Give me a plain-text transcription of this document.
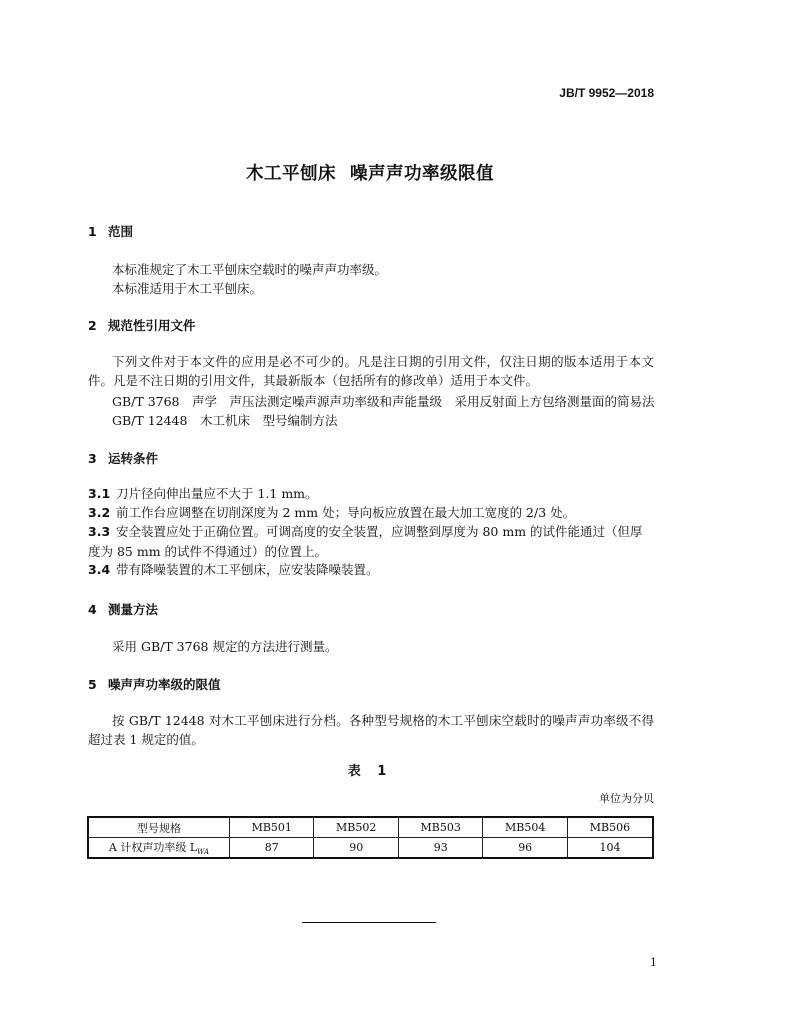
JB/T 9952—2018
木工平刨床 噪声声功率级限值
1 范围
本标准规定了木工平刨床空载时的噪声声功率级。
本标准适用于木工平刨床。
2 规范性引用文件
下列文件对于本文件的应用是必不可少的。凡是注日期的引用文件，仅注日期的版本适用于本文件。凡是不注日期的引用文件，其最新版本（包括所有的修改单）适用于本文件。
GB/T 3768　声学　声压法测定噪声源声功率级和声能量级　采用反射面上方包络测量面的简易法
GB/T 12448　木工机床　型号编制方法
3 运转条件
3.1 刀片径向伸出量应不大于 1.1 mm。
3.2 前工作台应调整在切削深度为 2 mm 处；导向板应放置在最大加工宽度的 2/3 处。
3.3 安全装置应处于正确位置。可调高度的安全装置，应调整到厚度为 80 mm 的试件能通过（但厚度为 85 mm 的试件不得通过）的位置上。
3.4 带有降噪装置的木工平刨床，应安装降噪装置。
4 测量方法
采用 GB/T 3768 规定的方法进行测量。
5 噪声声功率级的限值
按 GB/T 12448 对木工平刨床进行分档。各种型号规格的木工平刨床空载时的噪声声功率级不得超过表 1 规定的值。
表 1
单位为分贝
型号规格	MB501	MB502	MB503	MB504	MB506
A 计权声功率级 $L_{WA}$	87	90	93	96	104
1
